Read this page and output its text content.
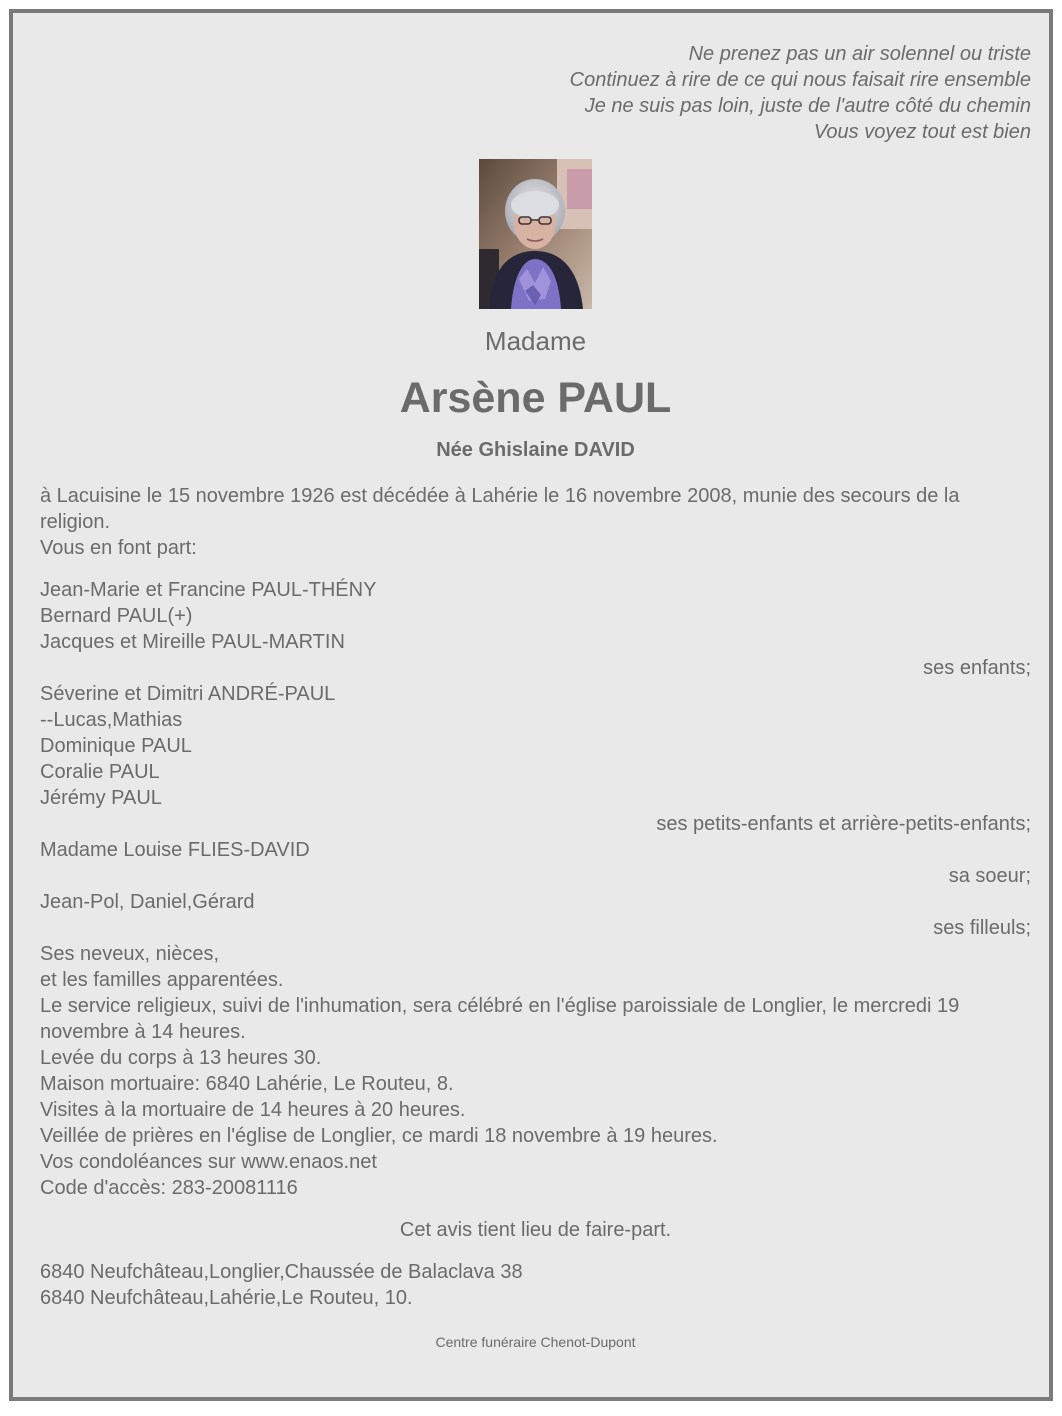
Ne prenez pas un air solennel ou triste
Continuez à rire de ce qui nous faisait rire ensemble
Je ne suis pas loin, juste de l'autre côté du chemin
Vous voyez tout est bien
Madame
Arsène PAUL
Née Ghislaine DAVID
à Lacuisine le 15 novembre 1926 est décédée à Lahérie le 16 novembre 2008, munie des secours de la religion.
Vous en font part:
Jean-Marie et Francine PAUL-THÉNY
Bernard PAUL(+)
Jacques et Mireille PAUL-MARTIN
ses enfants;
Séverine et Dimitri ANDRÉ-PAUL
--Lucas,Mathias
Dominique PAUL
Coralie PAUL
Jérémy PAUL
ses petits-enfants et arrière-petits-enfants;
Madame Louise FLIES-DAVID
sa soeur;
Jean-Pol, Daniel,Gérard
ses filleuls;
Ses neveux, nièces,
et les familles apparentées.
Le service religieux, suivi de l'inhumation, sera célébré en l'église paroissiale de Longlier, le mercredi 19 novembre à 14 heures.
Levée du corps à 13 heures 30.
Maison mortuaire: 6840 Lahérie, Le Routeu, 8.
Visites à la mortuaire de 14 heures à 20 heures.
Veillée de prières en l'église de Longlier, ce mardi 18 novembre à 19 heures.
Vos condoléances sur www.enaos.net
Code d'accès: 283-20081116
Cet avis tient lieu de faire-part.
6840 Neufchâteau,Longlier,Chaussée de Balaclava 38
6840 Neufchâteau,Lahérie,Le Routeu, 10.
Centre funéraire Chenot-Dupont
